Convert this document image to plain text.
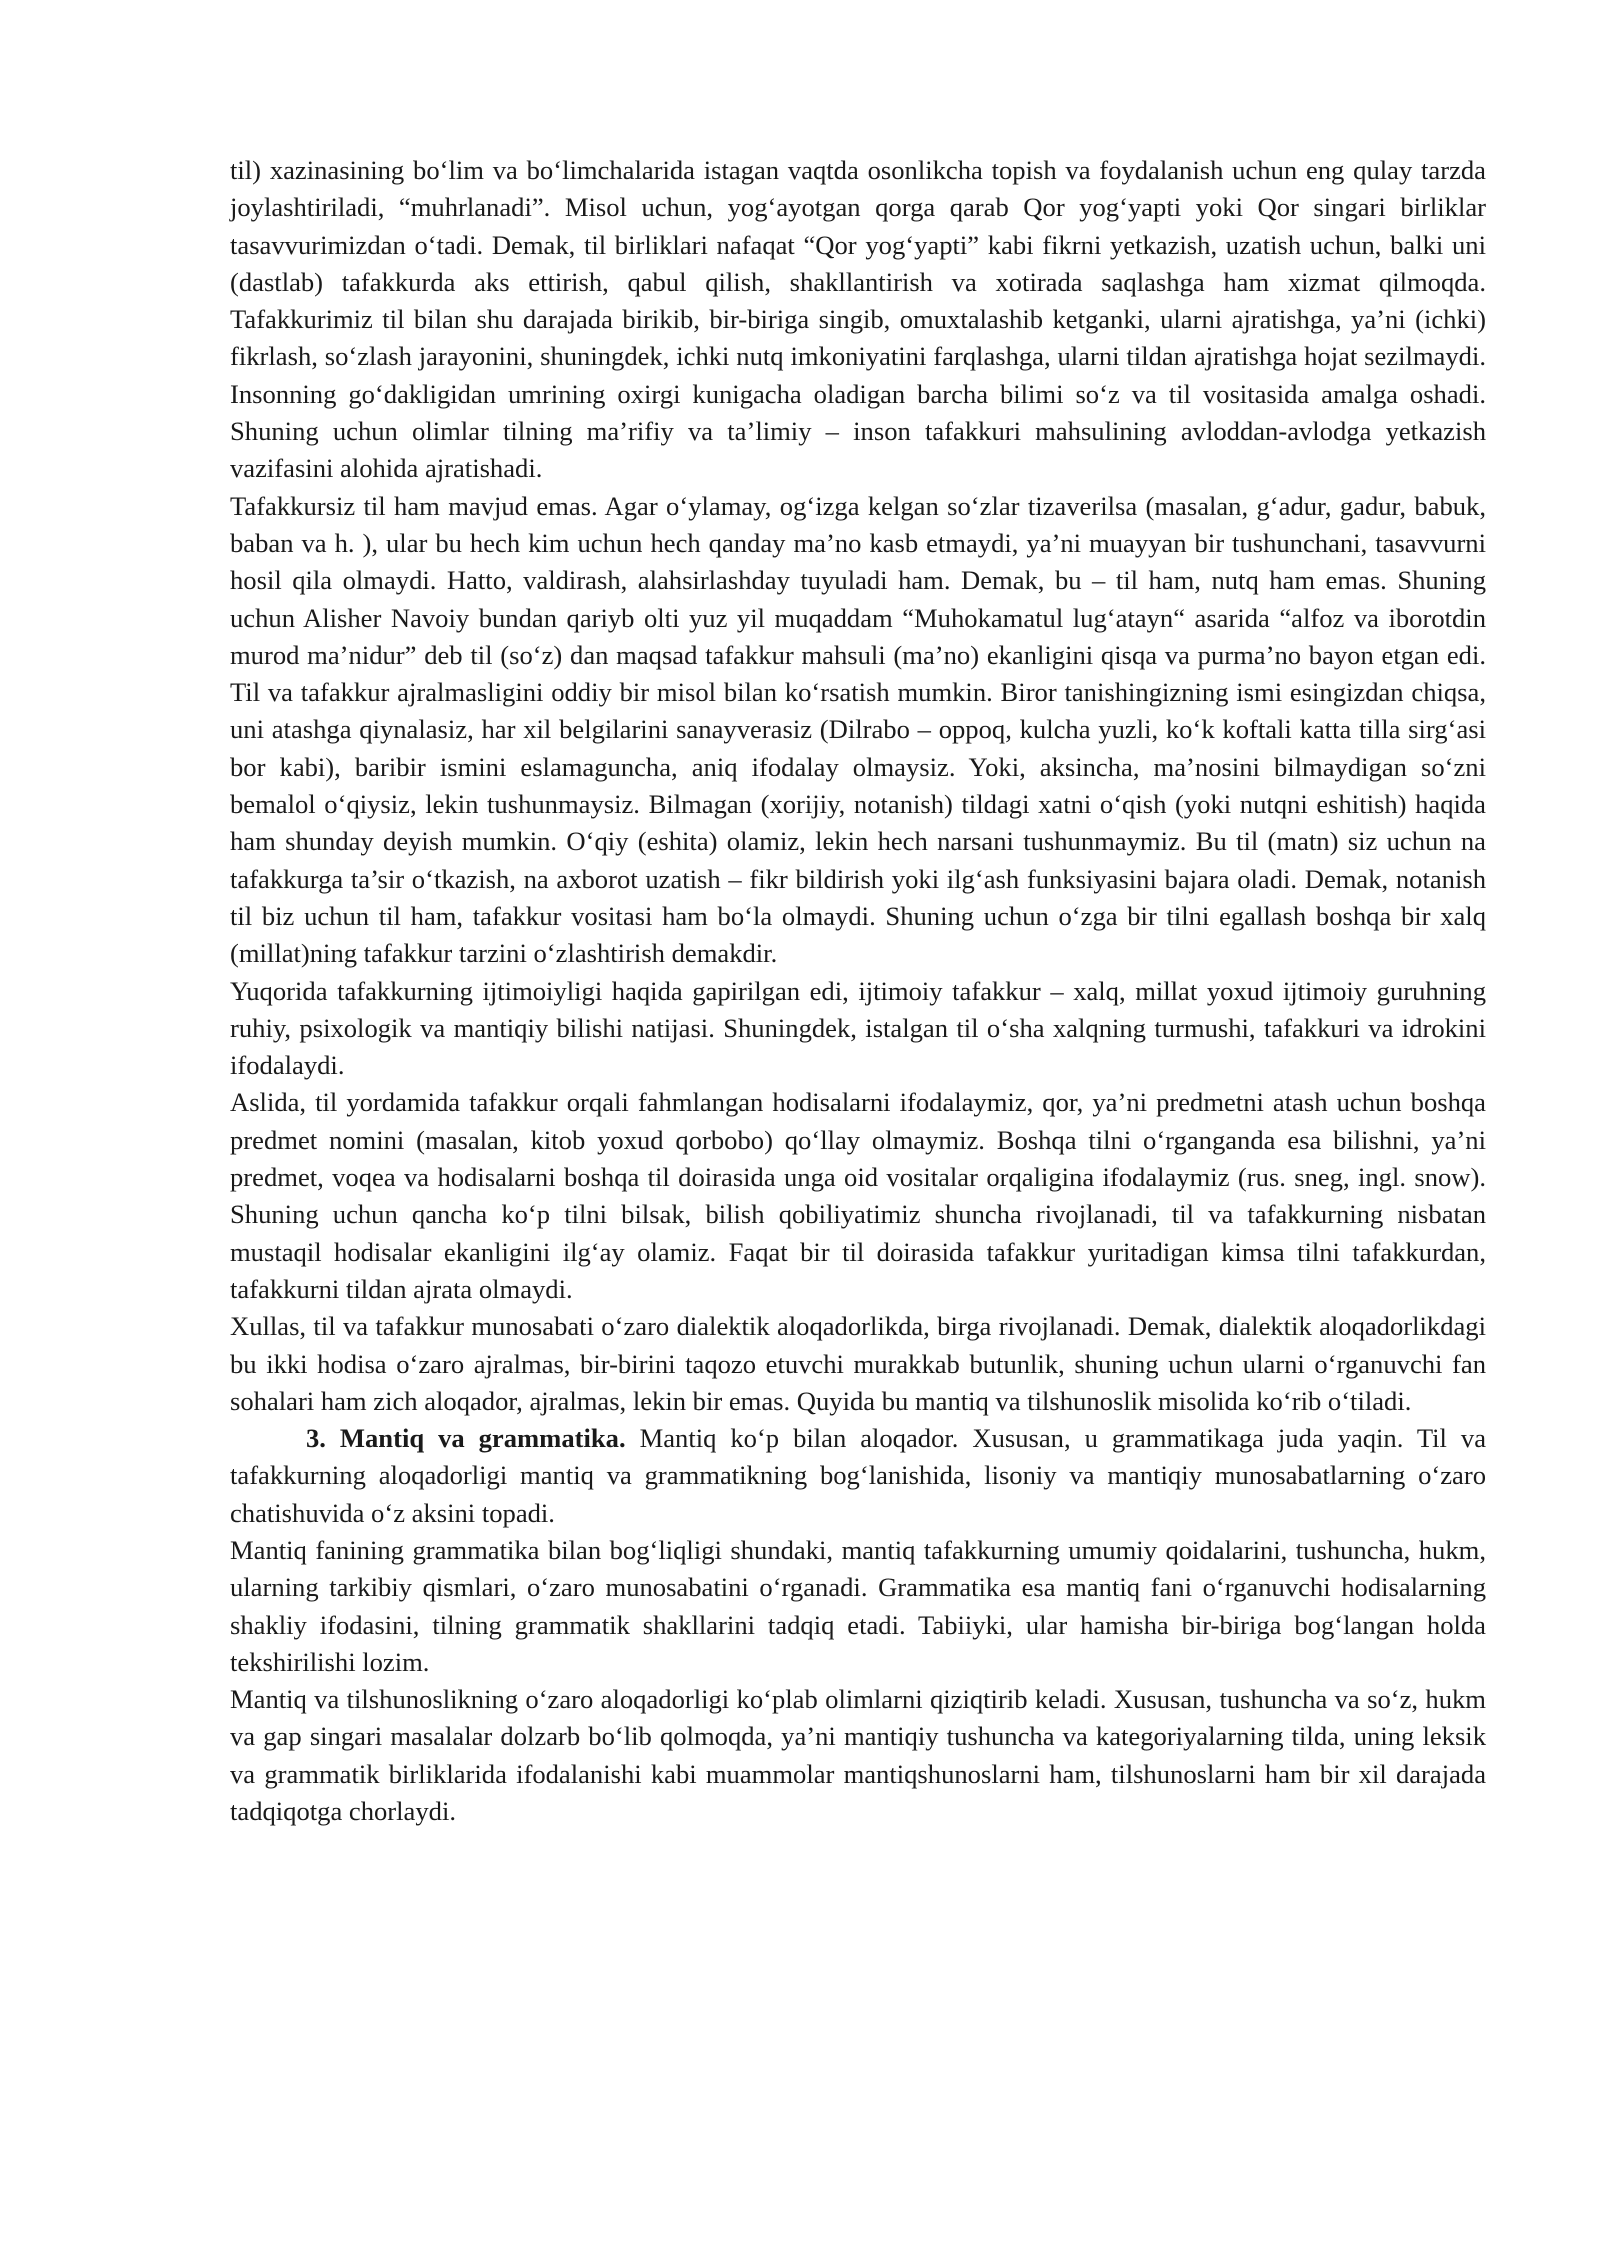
til) xazinasining bo‘lim va bo‘limchalarida istagan vaqtda osonlikcha topish va foydalanish uchun eng qulay tarzda joylashtiriladi, “muhrlanadi”. Misol uchun, yog‘ayotgan qorga qarab Qor yog‘yapti yoki Qor singari birliklar tasavvurimizdan o‘tadi. Demak, til birliklari nafaqat “Qor yog‘yapti” kabi fikrni yetkazish, uzatish uchun, balki uni (dastlab) tafakkurda aks ettirish, qabul qilish, shakllantirish va xotirada saqlashga ham xizmat qilmoqda. Tafakkurimiz til bilan shu darajada birikib, bir-biriga singib, omuxtalashib ketganki, ularni ajratishga, ya’ni (ichki) fikrlash, so‘zlash jarayonini, shuningdek, ichki nutq imkoniyatini farqlashga, ularni tildan ajratishga hojat sezilmaydi. Insonning go‘dakligidan umrining oxirgi kunigacha oladigan barcha bilimi so‘z va til vositasida amalga oshadi. Shuning uchun olimlar tilning ma’rifiy va ta’limiy – inson tafakkuri mahsulining avloddan-avlodga yetkazish vazifasini alohida ajratishadi.

Tafakkursiz til ham mavjud emas. Agar o‘ylamay, og‘izga kelgan so‘zlar tizaverilsa (masalan, g‘adur, gadur, babuk, baban va h. ), ular bu hech kim uchun hech qanday ma’no kasb etmaydi, ya’ni muayyan bir tushunchani, tasavvurni hosil qila olmaydi. Hatto, valdirash, alahsirlashday tuyuladi ham. Demak, bu – til ham, nutq ham emas. Shuning uchun Alisher Navoiy bundan qariyb olti yuz yil muqaddam “Muhokamatul lug‘atayn“ asarida “alfoz va iborotdin murod ma’nidur” deb til (so‘z) dan maqsad tafakkur mahsuli (ma’no) ekanligini qisqa va purma’no bayon etgan edi. Til va tafakkur ajralmasligini oddiy bir misol bilan ko‘rsatish mumkin. Biror tanishingizning ismi esingizdan chiqsa, uni atashga qiynalasiz, har xil belgilarini sanayverasiz (Dilrabo – oppoq, kulcha yuzli, ko‘k koftali katta tilla sirg‘asi bor kabi), baribir ismini eslamaguncha, aniq ifodalay olmaysiz. Yoki, aksincha, ma’nosini bilmaydigan so‘zni bemalol o‘qiysiz, lekin tushunmaysiz. Bilmagan (xorijiy, notanish) tildagi xatni o‘qish (yoki nutqni eshitish) haqida ham shunday deyish mumkin. O‘qiy (eshita) olamiz, lekin hech narsani tushunmaymiz. Bu til (matn) siz uchun na tafakkurga ta’sir o‘tkazish, na axborot uzatish – fikr bildirish yoki ilg‘ash funksiyasini bajara oladi. Demak, notanish til biz uchun til ham, tafakkur vositasi ham bo‘la olmaydi. Shuning uchun o‘zga bir tilni egallash boshqa bir xalq (millat)ning tafakkur tarzini o‘zlashtirish demakdir.

Yuqorida tafakkurning ijtimoiyligi haqida gapirilgan edi, ijtimoiy tafakkur – xalq, millat yoxud ijtimoiy guruhning ruhiy, psixologik va mantiqiy bilishi natijasi. Shuningdek, istalgan til o‘sha xalqning turmushi, tafakkuri va idrokini ifodalaydi.

Aslida, til yordamida tafakkur orqali fahmlangan hodisalarni ifodalaymiz, qor, ya’ni predmetni atash uchun boshqa predmet nomini (masalan, kitob yoxud qorbobo) qo‘llay olmaymiz. Boshqa tilni o‘rganganda esa bilishni, ya’ni predmet, voqea va hodisalarni boshqa til doirasida unga oid vositalar orqaligina ifodalaymiz (rus. sneg, ingl. snow). Shuning uchun qancha ko‘p tilni bilsak, bilish qobiliyatimiz shuncha rivojlanadi, til va tafakkurning nisbatan mustaqil hodisalar ekanligini ilg‘ay olamiz. Faqat bir til doirasida tafakkur yuritadigan kimsa tilni tafakkurdan, tafakkurni tildan ajrata olmaydi.

Xullas, til va tafakkur munosabati o‘zaro dialektik aloqadorlikda, birga rivojlanadi. Demak, dialektik aloqadorlikdagi bu ikki hodisa o‘zaro ajralmas, bir-birini taqozo etuvchi murakkab butunlik, shuning uchun ularni o‘rganuvchi fan sohalari ham zich aloqador, ajralmas, lekin bir emas. Quyida bu mantiq va tilshunoslik misolida ko‘rib o‘tiladi.

3. Mantiq va grammatika. Mantiq ko‘p bilan aloqador. Xususan, u grammatikaga juda yaqin. Til va tafakkurning aloqadorligi mantiq va grammatikning bog‘lanishida, lisoniy va mantiqiy munosabatlarning o‘zaro chatishuvida o‘z aksini topadi.

Mantiq fanining grammatika bilan bog‘liqligi shundaki, mantiq tafakkurning umumiy qoidalarini, tushuncha, hukm, ularning tarkibiy qismlari, o‘zaro munosabatini o‘rganadi. Grammatika esa mantiq fani o‘rganuvchi hodisalarning shakliy ifodasini, tilning grammatik shakllarini tadqiq etadi. Tabiiyki, ular hamisha bir-biriga bog‘langan holda tekshirilishi lozim.

Mantiq va tilshunoslikning o‘zaro aloqadorligi ko‘plab olimlarni qiziqtirib keladi. Xususan, tushuncha va so‘z, hukm va gap singari masalalar dolzarb bo‘lib qolmoqda, ya’ni mantiqiy tushuncha va kategoriyalarning tilda, uning leksik va grammatik birliklarida ifodalanishi kabi muammolar mantiqshunoslarni ham, tilshunoslarni ham bir xil darajada tadqiqotga chorlaydi.
